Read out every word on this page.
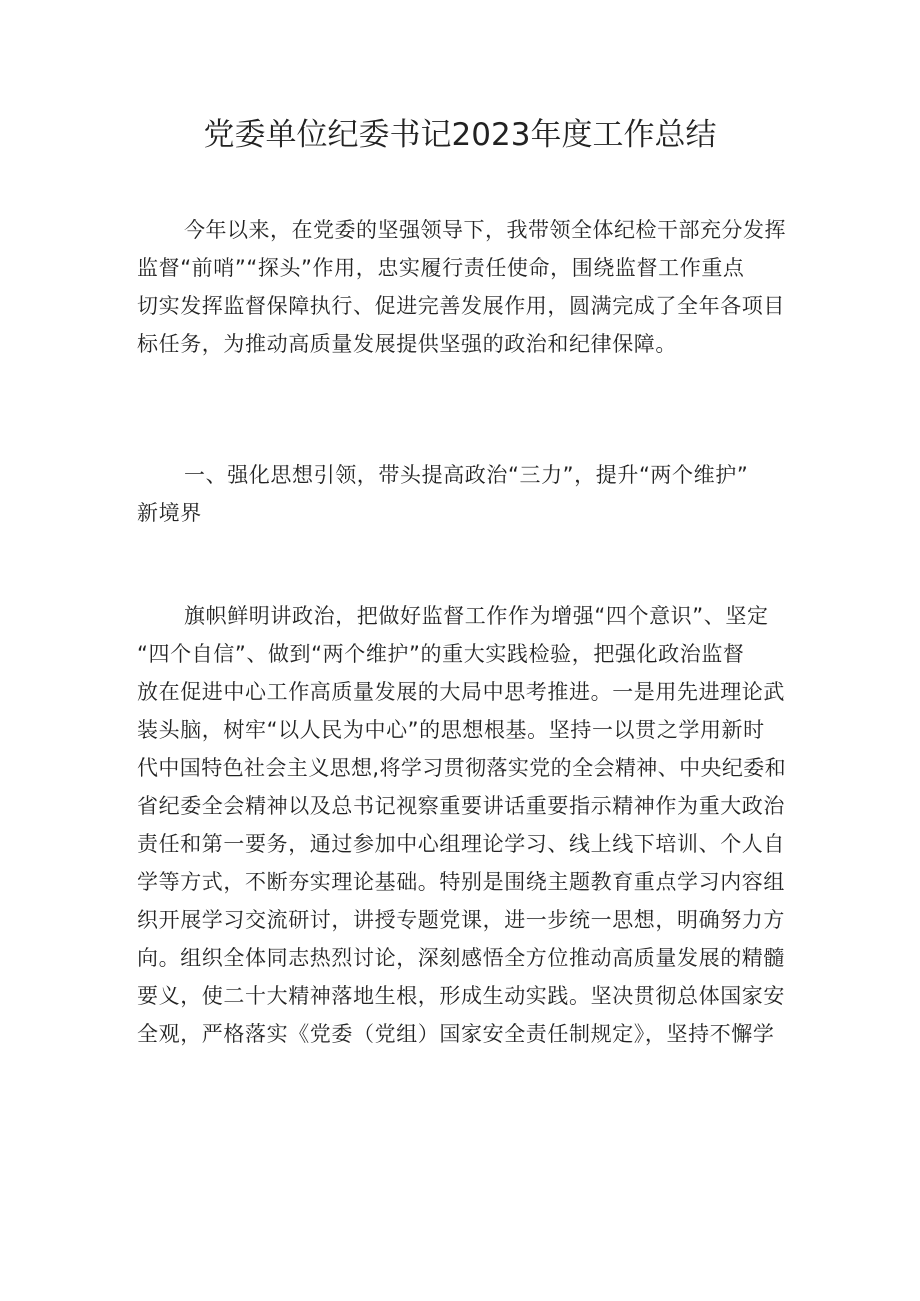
党委单位纪委书记2023年度工作总结
今年以来，在党委的坚强领导下，我带领全体纪检干部充分发挥
监督“前哨”“探头”作用，忠实履行责任使命，围绕监督工作重点
切实发挥监督保障执行、促进完善发展作用，圆满完成了全年各项目
标任务，为推动高质量发展提供坚强的政治和纪律保障。
一、强化思想引领，带头提高政治“三力”，提升“两个维护”
新境界
旗帜鲜明讲政治，把做好监督工作作为增强“四个意识”、坚定
“四个自信”、做到“两个维护”的重大实践检验，把强化政治监督
放在促进中心工作高质量发展的大局中思考推进。一是用先进理论武
装头脑，树牢“以人民为中心”的思想根基。坚持一以贯之学用新时
代中国特色社会主义思想,将学习贯彻落实党的全会精神、中央纪委和
省纪委全会精神以及总书记视察重要讲话重要指示精神作为重大政治
责任和第一要务，通过参加中心组理论学习、线上线下培训、个人自
学等方式，不断夯实理论基础。特别是围绕主题教育重点学习内容组
织开展学习交流研讨，讲授专题党课，进一步统一思想，明确努力方
向。组织全体同志热烈讨论，深刻感悟全方位推动高质量发展的精髓
要义，使二十大精神落地生根，形成生动实践。坚决贯彻总体国家安
全观，严格落实《党委（党组）国家安全责任制规定》，坚持不懈学
